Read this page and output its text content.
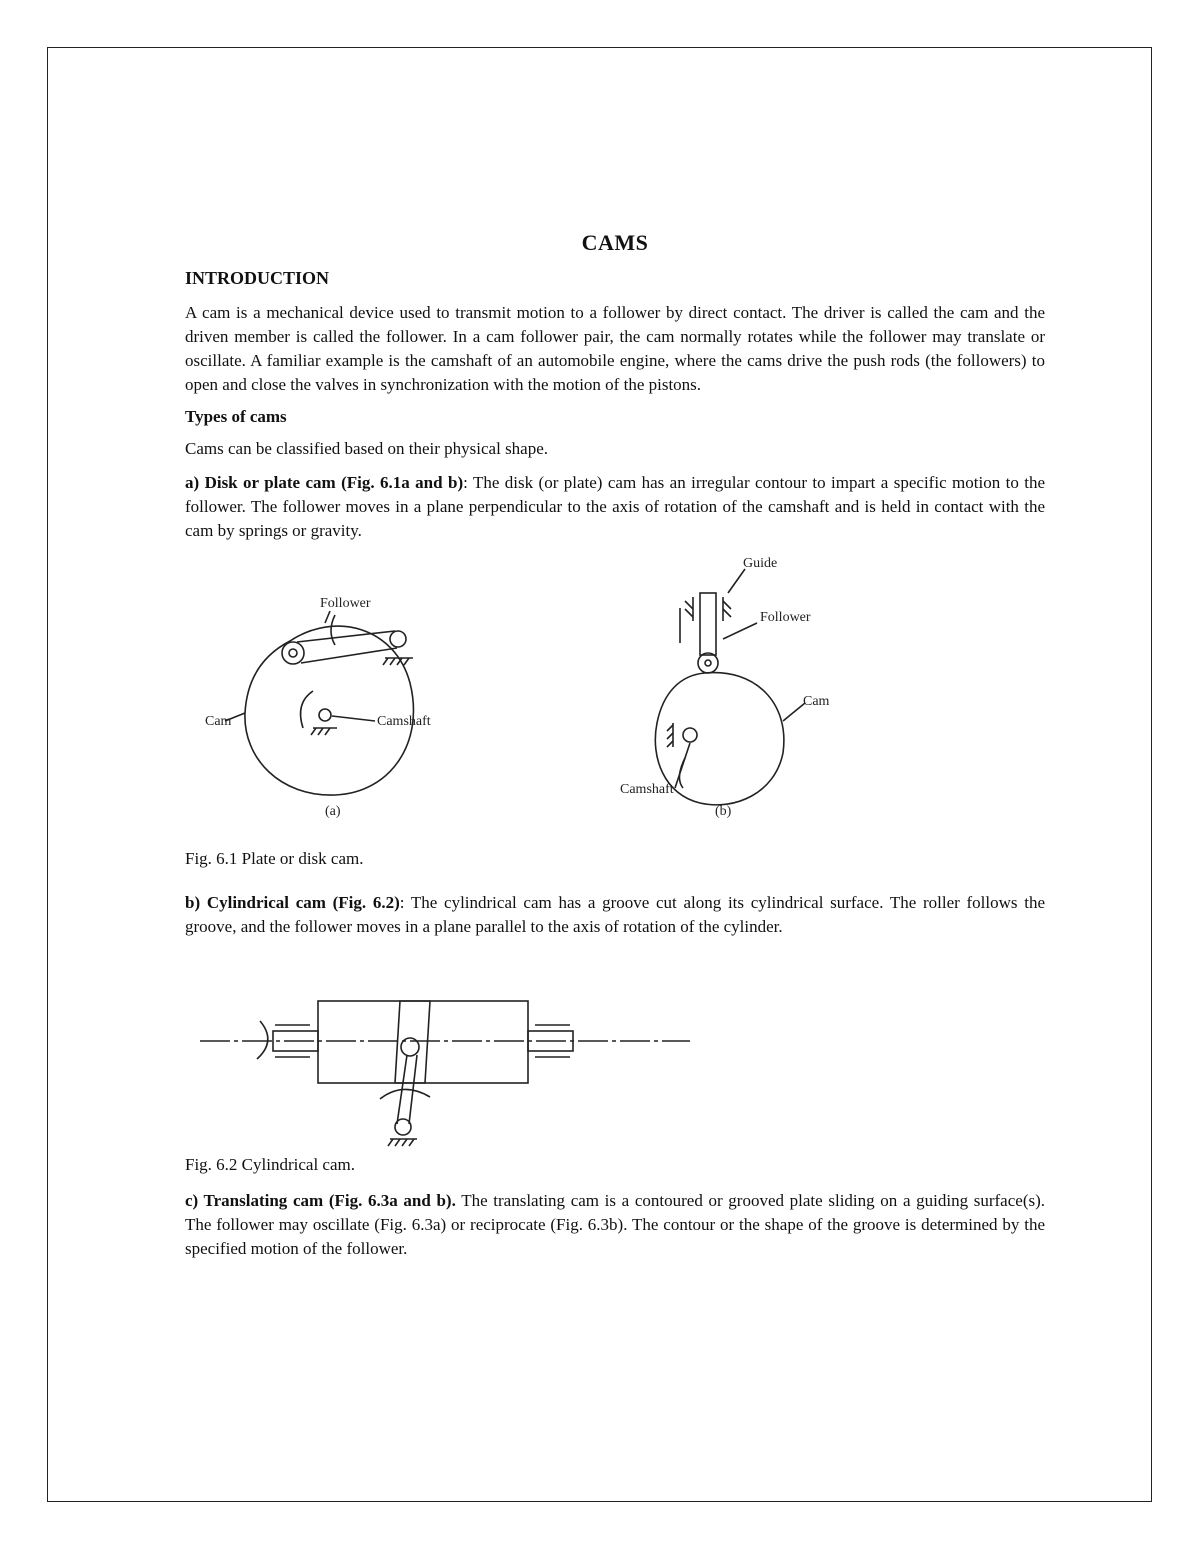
CAMS
INTRODUCTION

A cam is a mechanical device used to transmit motion to a follower by direct contact. The driver is called the cam and the driven member is called the follower. In a cam follower pair, the cam normally rotates while the follower may translate or oscillate. A familiar example is the camshaft of an automobile engine, where the cams drive the push rods (the followers) to open and close the valves in synchronization with the motion of the pistons.

Types of cams

Cams can be classified based on their physical shape.

a) Disk or plate cam (Fig. 6.1a and b): The disk (or plate) cam has an irregular contour to impart a specific motion to the follower. The follower moves in a plane perpendicular to the axis of rotation of the camshaft and is held in contact with the cam by springs or gravity.

Follower
Cam	Camshaft
(a)
Guide
Follower
Cam
Camshaft
(b)
Fig. 6.1 Plate or disk cam.

b) Cylindrical cam (Fig. 6.2): The cylindrical cam has a groove cut along its cylindrical surface. The roller follows the groove, and the follower moves in a plane parallel to the axis of rotation of the cylinder.

Fig. 6.2 Cylindrical cam.

c) Translating cam (Fig. 6.3a and b). The translating cam is a contoured or grooved plate sliding on a guiding surface(s). The follower may oscillate (Fig. 6.3a) or reciprocate (Fig. 6.3b). The contour or the shape of the groove is determined by the specified motion of the follower.
